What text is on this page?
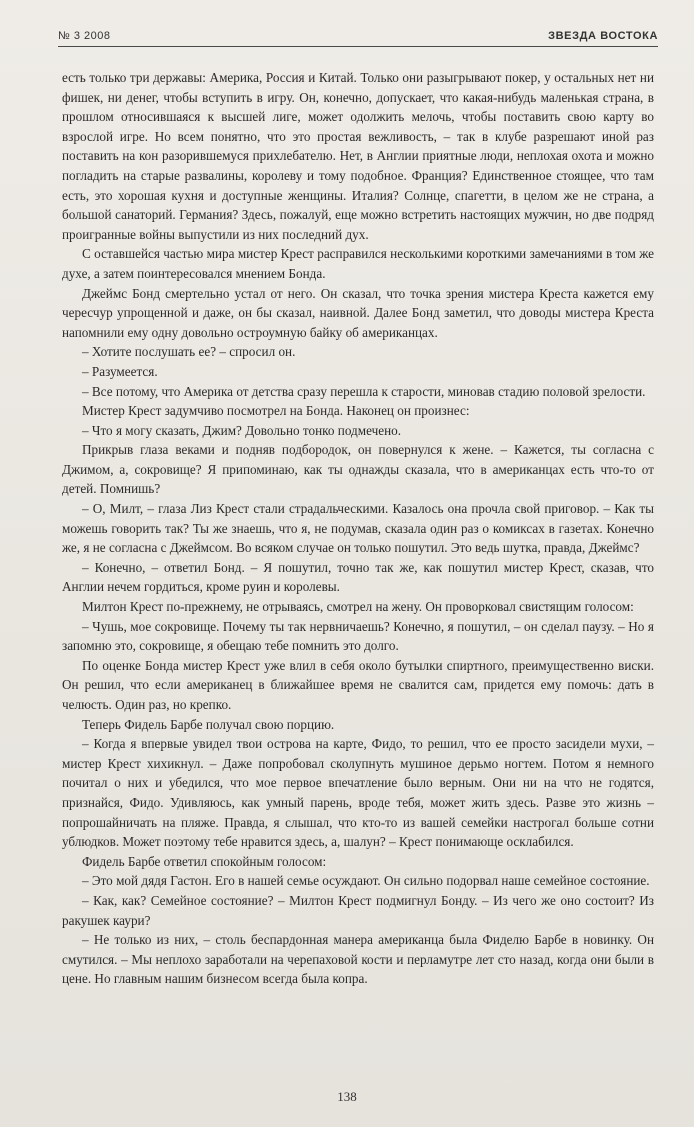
№ 3 2008	ЗВЕЗДА ВОСТОКА

есть только три державы: Америка, Россия и Китай. Только они разыгрывают покер, у остальных нет ни фишек, ни денег, чтобы вступить в игру. Он, конечно, допускает, что какая-нибудь маленькая страна, в прошлом относившаяся к высшей лиге, может одолжить мелочь, чтобы поставить свою карту во взрослой игре. Но всем понятно, что это простая вежливость, – так в клубе разрешают иной раз поставить на кон разорившемуся прихлебателю. Нет, в Англии приятные люди, неплохая охота и можно погладить на старые развалины, королеву и тому подобное. Франция? Единственное стоящее, что там есть, это хорошая кухня и доступные женщины. Италия? Солнце, спагетти, в целом же не страна, а большой санаторий. Германия? Здесь, пожалуй, еще можно встретить настоящих мужчин, но две подряд проигранные войны выпустили из них последний дух.

С оставшейся частью мира мистер Крест расправился несколькими короткими замечаниями в том же духе, а затем поинтересовался мнением Бонда.

Джеймс Бонд смертельно устал от него. Он сказал, что точка зрения мистера Креста кажется ему чересчур упрощенной и даже, он бы сказал, наивной. Далее Бонд заметил, что доводы мистера Креста напомнили ему одну довольно остроумную байку об американцах.

– Хотите послушать ее? – спросил он.

– Разумеется.

– Все потому, что Америка от детства сразу перешла к старости, миновав стадию половой зрелости.

Мистер Крест задумчиво посмотрел на Бонда. Наконец он произнес:

– Что я могу сказать, Джим? Довольно тонко подмечено.

Прикрыв глаза веками и подняв подбородок, он повернулся к жене. – Кажется, ты согласна с Джимом, а, сокровище? Я припоминаю, как ты однажды сказала, что в американцах есть что-то от детей. Помнишь?

– О, Милт, – глаза Лиз Крест стали страдальческими. Казалось она прочла свой приговор. – Как ты можешь говорить так? Ты же знаешь, что я, не подумав, сказала один раз о комиксах в газетах. Конечно же, я не согласна с Джеймсом. Во всяком случае он только пошутил. Это ведь шутка, правда, Джеймс?

– Конечно, – ответил Бонд. – Я пошутил, точно так же, как пошутил мистер Крест, сказав, что Англии нечем гордиться, кроме руин и королевы.

Милтон Крест по-прежнему, не отрываясь, смотрел на жену. Он проворковал свистящим голосом:

– Чушь, мое сокровище. Почему ты так нервничаешь? Конечно, я пошутил, – он сделал паузу. – Но я запомню это, сокровище, я обещаю тебе помнить это долго.

По оценке Бонда мистер Крест уже влил в себя около бутылки спиртного, преимущественно виски. Он решил, что если американец в ближайшее время не свалится сам, придется ему помочь: дать в челюсть. Один раз, но крепко.

Теперь Фидель Барбе получал свою порцию.

– Когда я впервые увидел твои острова на карте, Фидо, то решил, что ее просто засидели мухи, – мистер Крест хихикнул. – Даже попробовал сколупнуть мушиное дерьмо ногтем. Потом я немного почитал о них и убедился, что мое первое впечатление было верным. Они ни на что не годятся, признайся, Фидо. Удивляюсь, как умный парень, вроде тебя, может жить здесь. Разве это жизнь – попрошайничать на пляже. Правда, я слышал, что кто-то из вашей семейки настрогал больше сотни ублюдков. Может поэтому тебе нравится здесь, а, шалун? – Крест понимающе осклабился.

Фидель Барбе ответил спокойным голосом:

– Это мой дядя Гастон. Его в нашей семье осуждают. Он сильно подорвал наше семейное состояние.

– Как, как? Семейное состояние? – Милтон Крест подмигнул Бонду. – Из чего же оно состоит? Из ракушек каури?

– Не только из них, – столь беспардонная манера американца была Фиделю Барбе в новинку. Он смутился. – Мы неплохо заработали на черепаховой кости и перламутре лет сто назад, когда они были в цене. Но главным нашим бизнесом всегда была копра.

138
